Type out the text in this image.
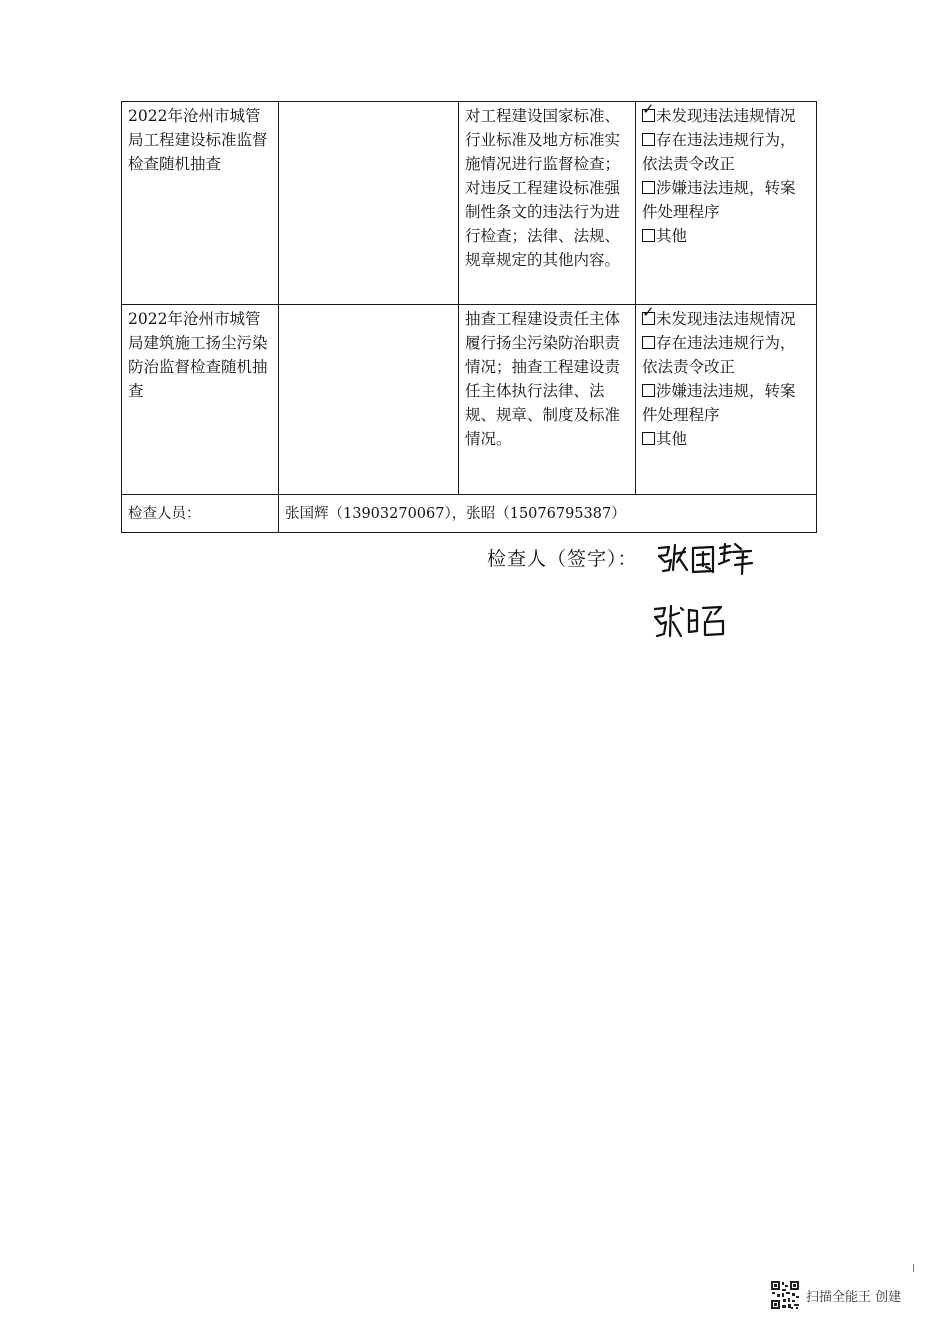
2022年沧州市城管局工程建设标准监督检查随机抽查		对工程建设国家标准、行业标准及地方标准实施情况进行监督检查；对违反工程建设标准强制性条文的违法行为进行检查；法律、法规、规章规定的其他内容。	✓ 未发现违法违规情况
存在违法违规行为，依法责令改正
涉嫌违法违规，转案件处理程序
其他

2022年沧州市城管局建筑施工扬尘污染防治监督检查随机抽查		抽查工程建设责任主体履行扬尘污染防治职责情况；抽查工程建设责任主体执行法律、法规、规章、制度及标准情况。	✓ 未发现违法违规情况
存在违法违规行为，依法责令改正
涉嫌违法违规，转案件处理程序
其他

检查人员：	张国辉（13903270067），张昭（15076795387）		
检查人（签字）：
扫描全能王 创建
